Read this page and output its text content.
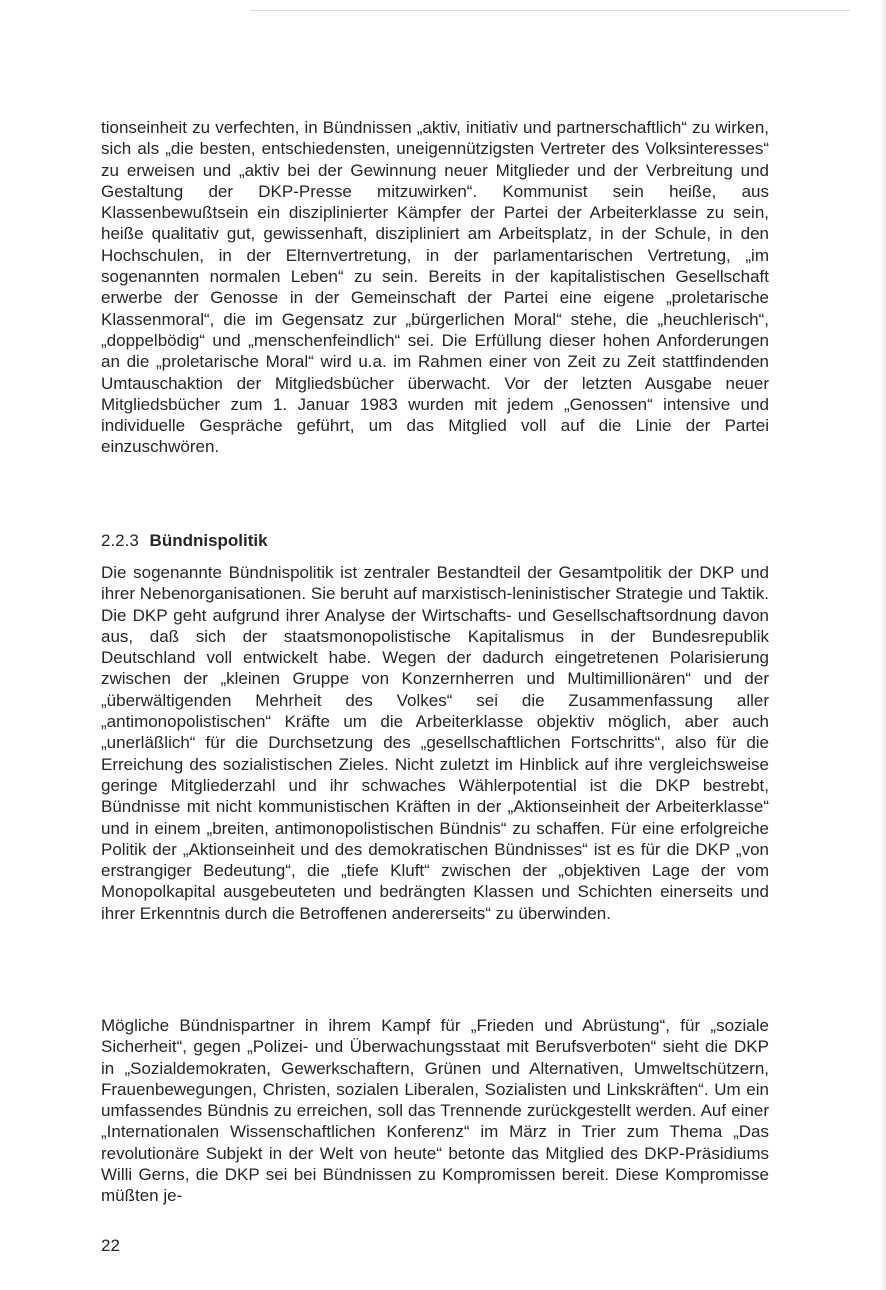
tionseinheit zu verfechten, in Bündnissen „aktiv, initiativ und partnerschaftlich“ zu wirken, sich als „die besten, entschiedensten, uneigennützigsten Vertreter des Volksinteresses“ zu erweisen und „aktiv bei der Gewinnung neuer Mitglieder und der Verbreitung und Gestaltung der DKP-Presse mitzuwirken“. Kommunist sein heiße, aus Klassenbewußtsein ein disziplinierter Kämpfer der Partei der Arbeiterklasse zu sein, heiße qualitativ gut, gewissenhaft, diszipliniert am Arbeitsplatz, in der Schule, in den Hochschulen, in der Elternvertretung, in der parlamentarischen Vertretung, „im sogenannten normalen Leben“ zu sein. Bereits in der kapitalistischen Gesellschaft erwerbe der Genosse in der Gemeinschaft der Partei eine eigene „proletarische Klassenmoral“, die im Gegensatz zur „bürgerlichen Moral“ stehe, die „heuchlerisch“, „doppelbödig“ und „menschenfeindlich“ sei. Die Erfüllung dieser hohen Anforderungen an die „proletarische Moral“ wird u.a. im Rahmen einer von Zeit zu Zeit stattfindenden Umtauschaktion der Mitgliedsbücher überwacht. Vor der letzten Ausgabe neuer Mitgliedsbücher zum 1. Januar 1983 wurden mit jedem „Genossen“ intensive und individuelle Gespräche geführt, um das Mitglied voll auf die Linie der Partei einzuschwören.
2.2.3 Bündnispolitik
Die sogenannte Bündnispolitik ist zentraler Bestandteil der Gesamtpolitik der DKP und ihrer Nebenorganisationen. Sie beruht auf marxistisch-leninistischer Strategie und Taktik. Die DKP geht aufgrund ihrer Analyse der Wirtschafts- und Gesellschaftsordnung davon aus, daß sich der staatsmonopolistische Kapitalismus in der Bundesrepublik Deutschland voll entwickelt habe. Wegen der dadurch eingetretenen Polarisierung zwischen der „kleinen Gruppe von Konzernherren und Multimillionären“ und der „überwältigenden Mehrheit des Volkes“ sei die Zusammenfassung aller „antimonopolistischen“ Kräfte um die Arbeiterklasse objektiv möglich, aber auch „unerläßlich“ für die Durchsetzung des „gesellschaftlichen Fortschritts“, also für die Erreichung des sozialistischen Zieles. Nicht zuletzt im Hinblick auf ihre vergleichsweise geringe Mitgliederzahl und ihr schwaches Wählerpotential ist die DKP bestrebt, Bündnisse mit nicht kommunistischen Kräften in der „Aktionseinheit der Arbeiterklasse“ und in einem „breiten, antimonopolistischen Bündnis“ zu schaffen. Für eine erfolgreiche Politik der „Aktionseinheit und des demokratischen Bündnisses“ ist es für die DKP „von erstrangiger Bedeutung“, die „tiefe Kluft“ zwischen der „objektiven Lage der vom Monopolkapital ausgebeuteten und bedrängten Klassen und Schichten einerseits und ihrer Erkenntnis durch die Betroffenen andererseits“ zu überwinden.
Mögliche Bündnispartner in ihrem Kampf für „Frieden und Abrüstung“, für „soziale Sicherheit“, gegen „Polizei- und Überwachungsstaat mit Berufsverboten“ sieht die DKP in „Sozialdemokraten, Gewerkschaftern, Grünen und Alternativen, Umweltschützern, Frauenbewegungen, Christen, sozialen Liberalen, Sozialisten und Linkskräften“. Um ein umfassendes Bündnis zu erreichen, soll das Trennende zurückgestellt werden. Auf einer „Internationalen Wissenschaftlichen Konferenz“ im März in Trier zum Thema „Das revolutionäre Subjekt in der Welt von heute“ betonte das Mitglied des DKP-Präsidiums Willi Gerns, die DKP sei bei Bündnissen zu Kompromissen bereit. Diese Kompromisse müßten je-
22
